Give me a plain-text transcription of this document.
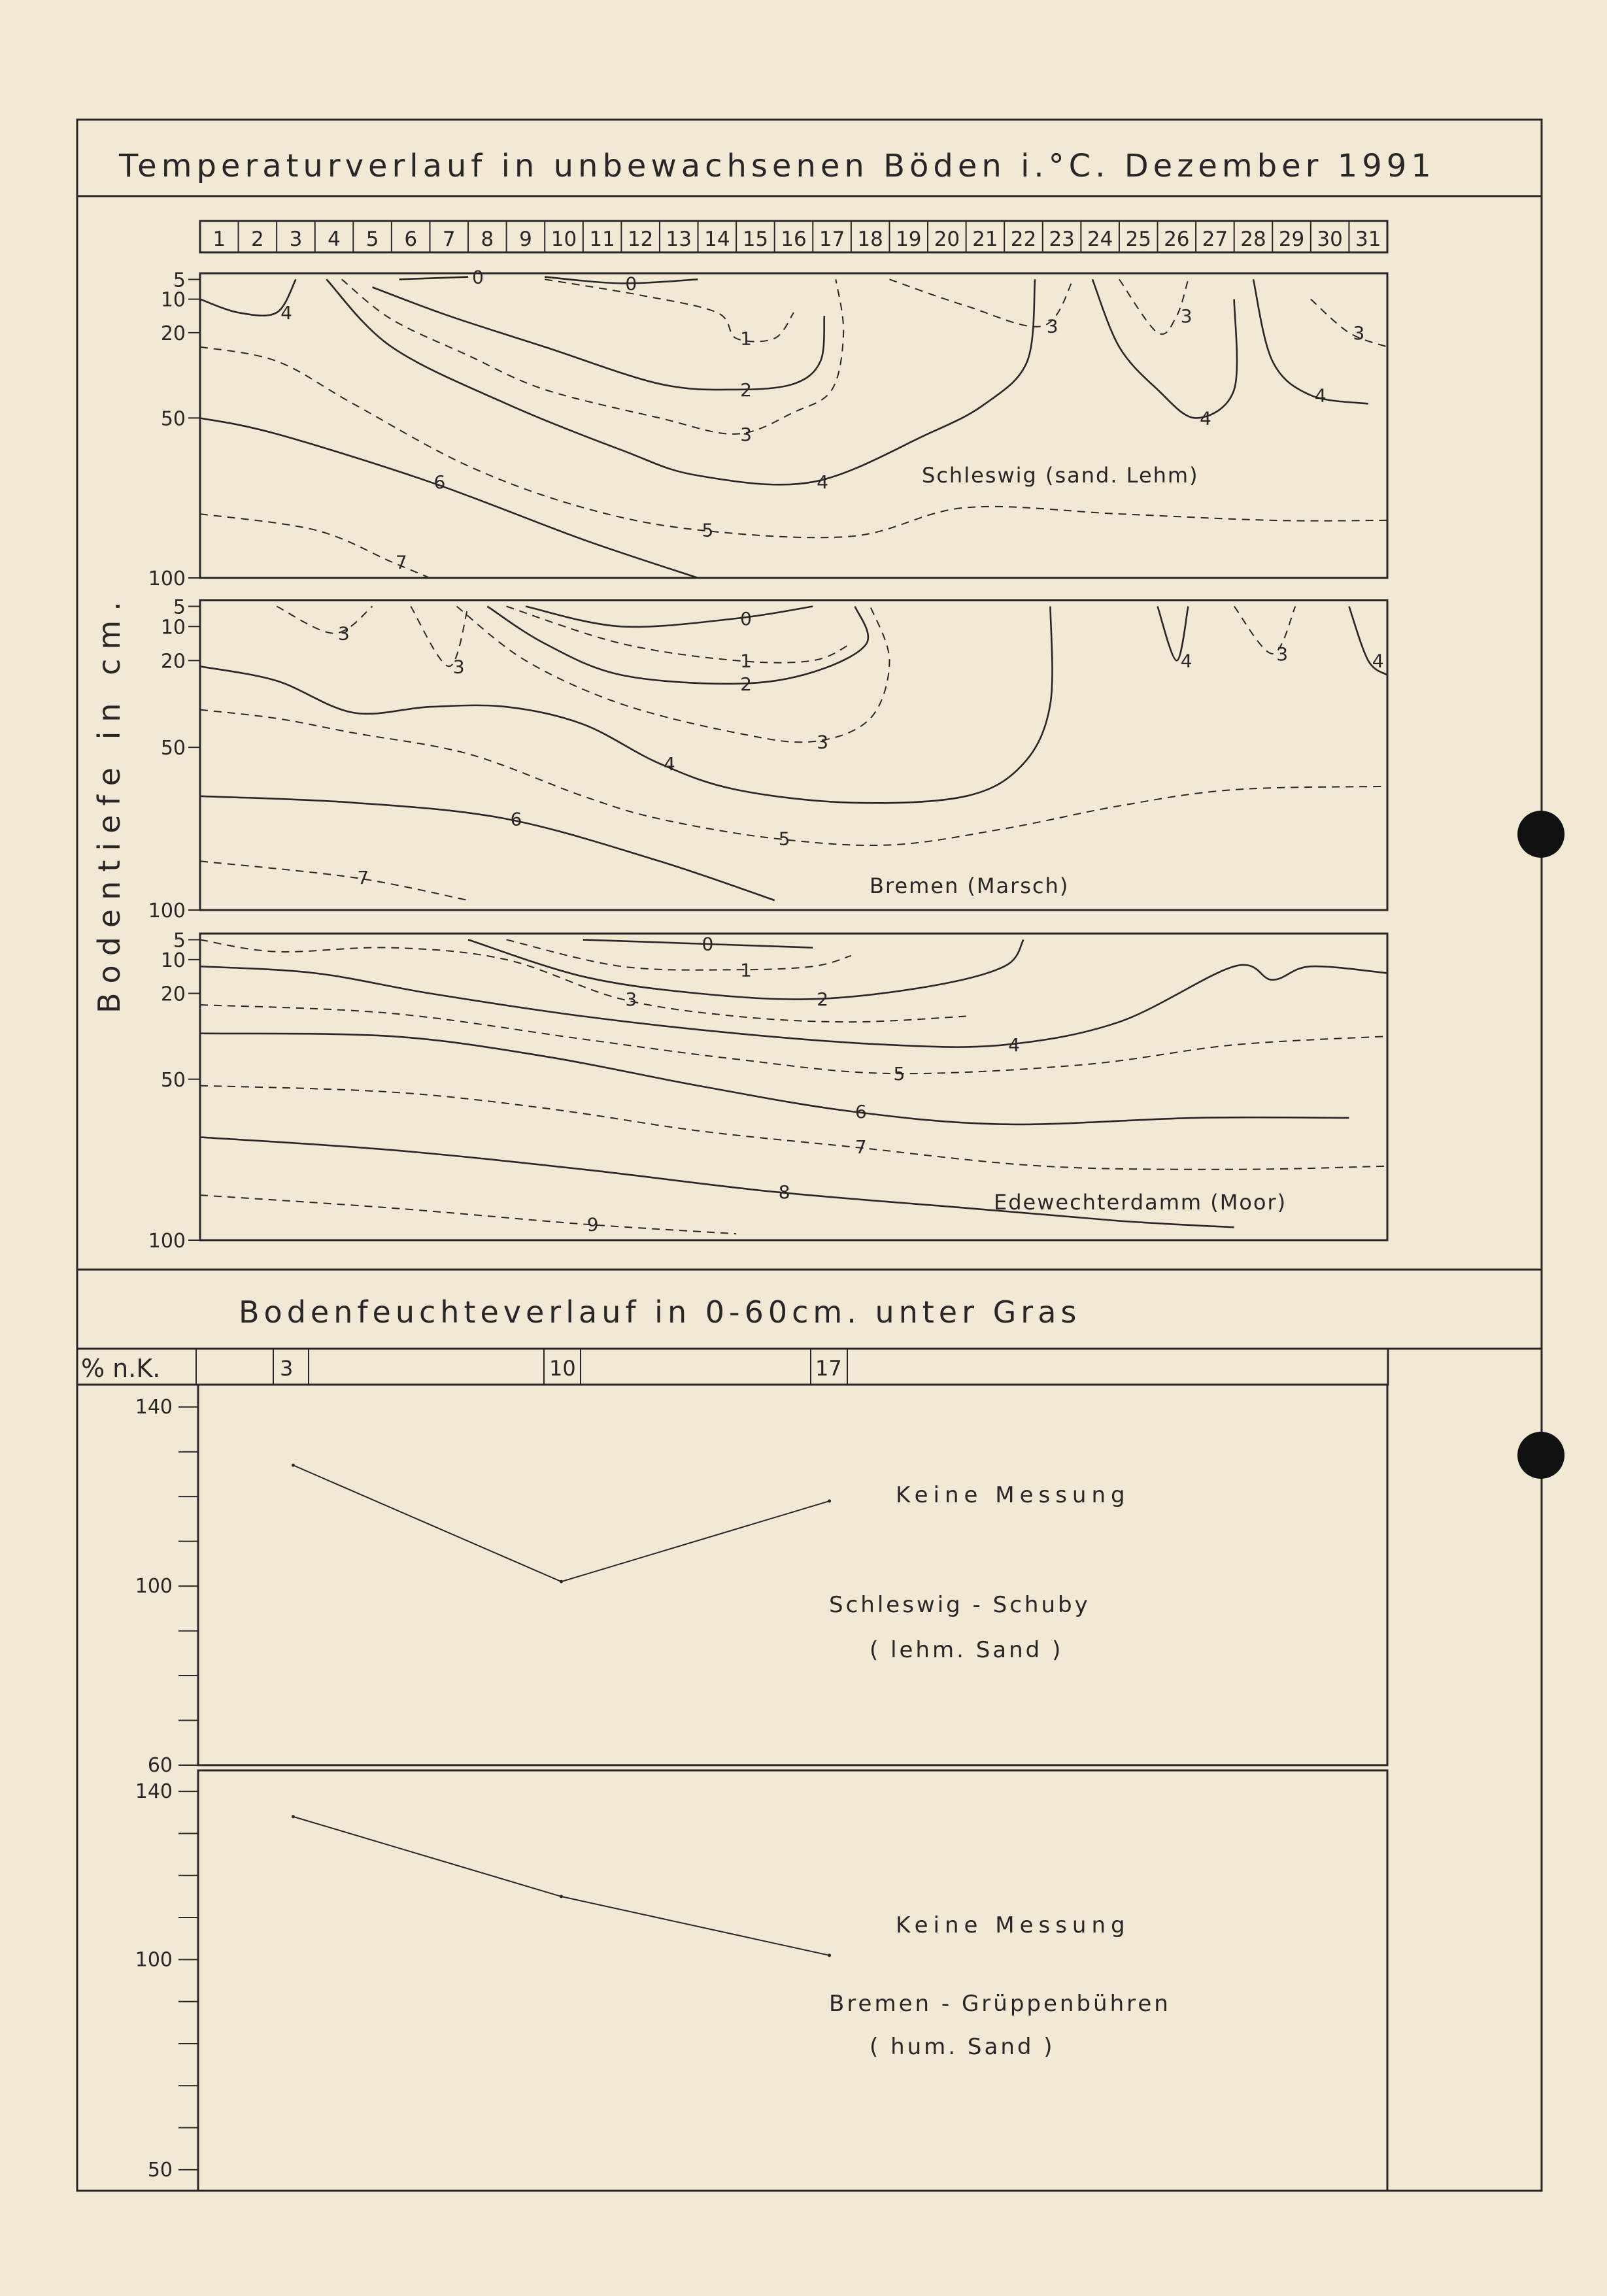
Temperaturverlauf in unbewachsenen Böden i.°C. Dezember 1991
Bodentiefe in cm.
1 2 3 4 5 6 7 8 9 10 11 12 13 14 15 16 17 18 19 20 21 22 23 24 25 26 27 28 29 30 31
5
10
20
50
100
0	0
1
2
3
4
4
3
4
4
3
3
5
6
7
Schleswig (sand. Lehm)
5
10
20
50
100
0
1
2
3
3
3
4
4	4
3
5
6
7	Bremen (Marsch)
5
10
20
50
100
0
1
2
3
4
5
6
7
8
9
Edewechterdamm (Moor)
Bodenfeuchteverlauf in 0-60cm. unter Gras
% n.K.	3	10	17
140
100
60
Keine Messung
Schleswig - Schuby
( lehm. Sand )
140
100
50
Keine Messung
Bremen - Grüppenbühren
( hum. Sand )
